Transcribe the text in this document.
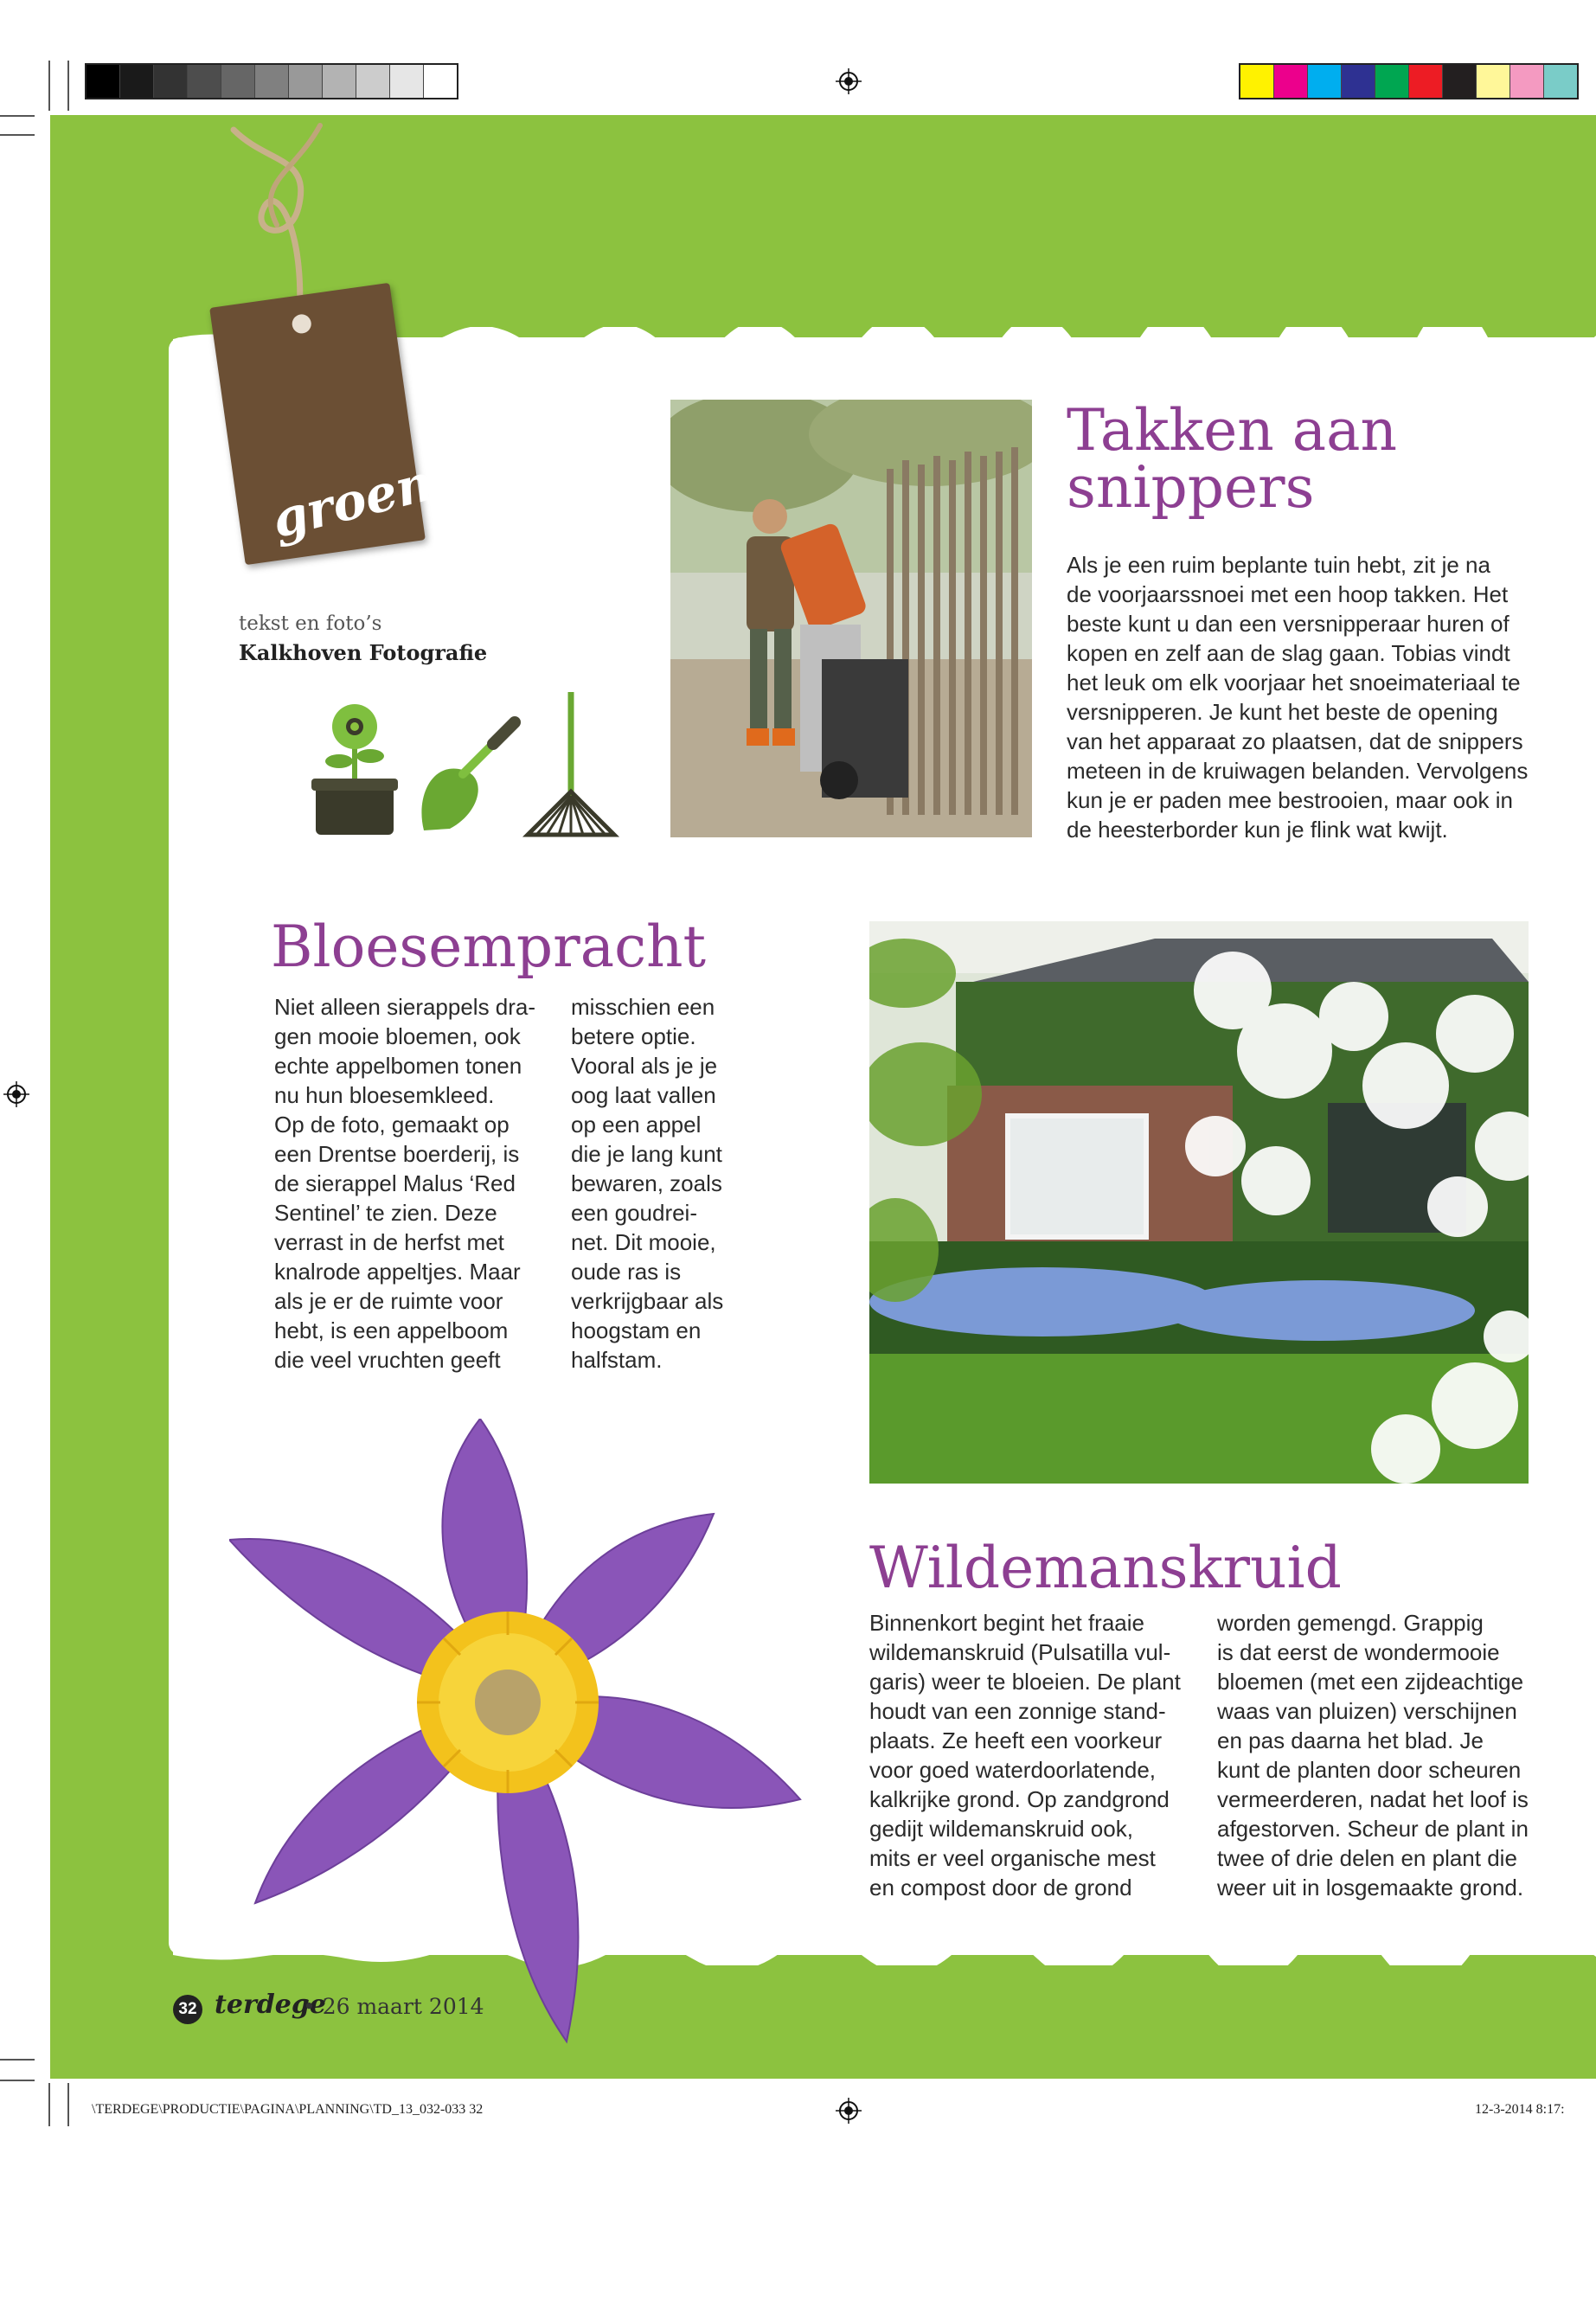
groen
tekst en foto’s
Kalkhoven Fotografie
Takken aan
snippers
Als je een ruim beplante tuin hebt, zit je na
de voorjaarssnoei met een hoop takken. Het
beste kunt u dan een versnipperaar huren of
kopen en zelf aan de slag gaan. Tobias vindt
het leuk om elk voorjaar het snoeimateriaal te
versnipperen. Je kunt het beste de opening
van het apparaat zo plaatsen, dat de snippers
meteen in de kruiwagen belanden. Vervolgens
kun je er paden mee bestrooien, maar ook in
de heesterborder kun je flink wat kwijt.
Bloesempracht
Niet alleen sierappels dra-
gen mooie bloemen, ook
echte appelbomen tonen
nu hun bloesemkleed.
Op de foto, gemaakt op
een Drentse boerderij, is
de sierappel Malus ‘Red
Sentinel’ te zien. Deze
verrast in de herfst met
knalrode appeltjes. Maar
als je er de ruimte voor
hebt, is een appelboom
die veel vruchten geeft
misschien een
betere optie.
Vooral als je je
oog laat vallen
op een appel
die je lang kunt
bewaren, zoals
een goudrei-
net. Dit mooie,
oude ras is
verkrijgbaar als
hoogstam en
halfstam.
Wildemanskruid
Binnenkort begint het fraaie
wildemanskruid (Pulsatilla vul-
garis) weer te bloeien. De plant
houdt van een zonnige stand-
plaats. Ze heeft een voorkeur
voor goed waterdoorlatende,
kalkrijke grond. Op zandgrond
gedijt wildemanskruid ook,
mits er veel organische mest
en compost door de grond
worden gemengd. Grappig
is dat eerst de wondermooie
bloemen (met een zijdeachtige
waas van pluizen) verschijnen
en pas daarna het blad. Je
kunt de planten door scheuren
vermeerderen, nadat het loof is
afgestorven. Scheur de plant in
twee of drie delen en plant die
weer uit in losgemaakte grond.
32 terdege
• 26 maart 2014
\TERDEGE\PRODUCTIE\PAGINA\PLANNING\TD_13_032-033 32	12-3-2014 8:17:
